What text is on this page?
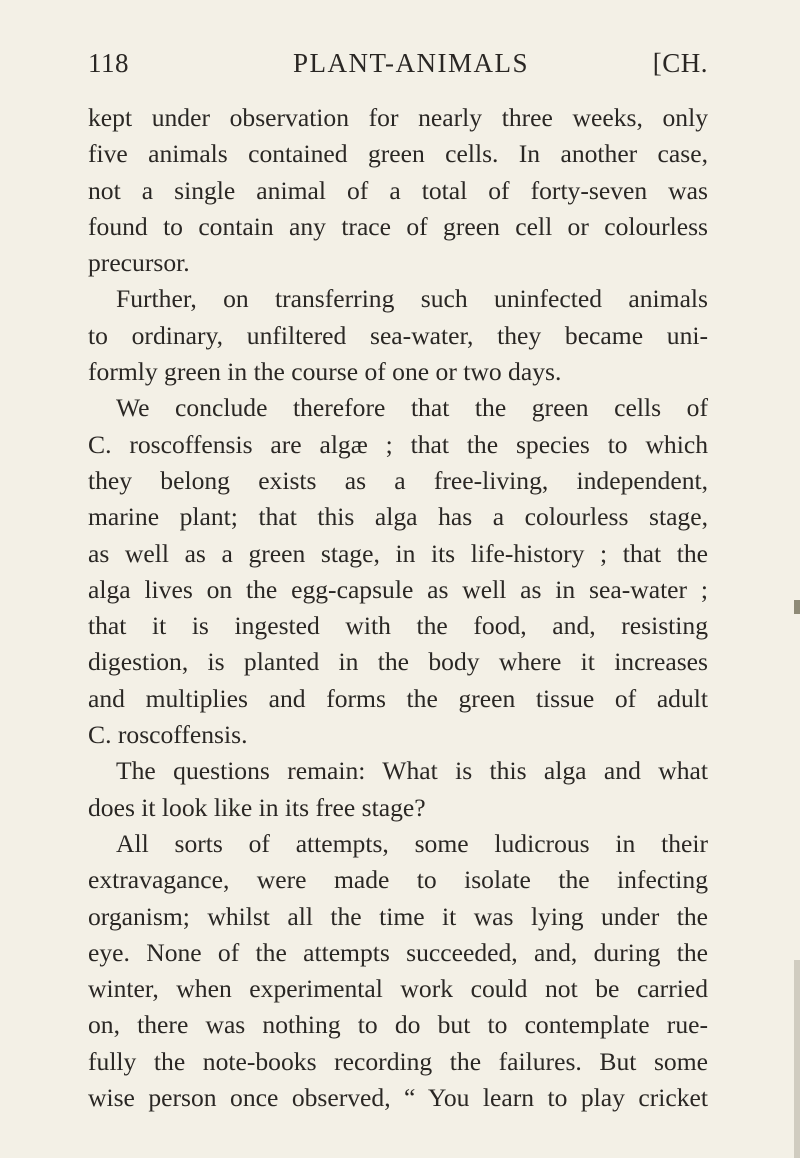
118	PLANT-ANIMALS	[CH.
kept under observation for nearly three weeks, only
five animals contained green cells. In another case,
not a single animal of a total of forty-seven was
found to contain any trace of green cell or colourless
precursor.
Further, on transferring such uninfected animals
to ordinary, unfiltered sea-water, they became uni-
formly green in the course of one or two days.
We conclude therefore that the green cells of
C. roscoffensis are algæ ; that the species to which
they belong exists as a free-living, independent,
marine plant; that this alga has a colourless stage,
as well as a green stage, in its life-history ; that the
alga lives on the egg-capsule as well as in sea-water ;
that it is ingested with the food, and, resisting
digestion, is planted in the body where it increases
and multiplies and forms the green tissue of adult
C. roscoffensis.
The questions remain: What is this alga and what
does it look like in its free stage?
All sorts of attempts, some ludicrous in their
extravagance, were made to isolate the infecting
organism; whilst all the time it was lying under the
eye. None of the attempts succeeded, and, during the
winter, when experimental work could not be carried
on, there was nothing to do but to contemplate rue-
fully the note-books recording the failures. But some
wise person once observed, “ You learn to play cricket
